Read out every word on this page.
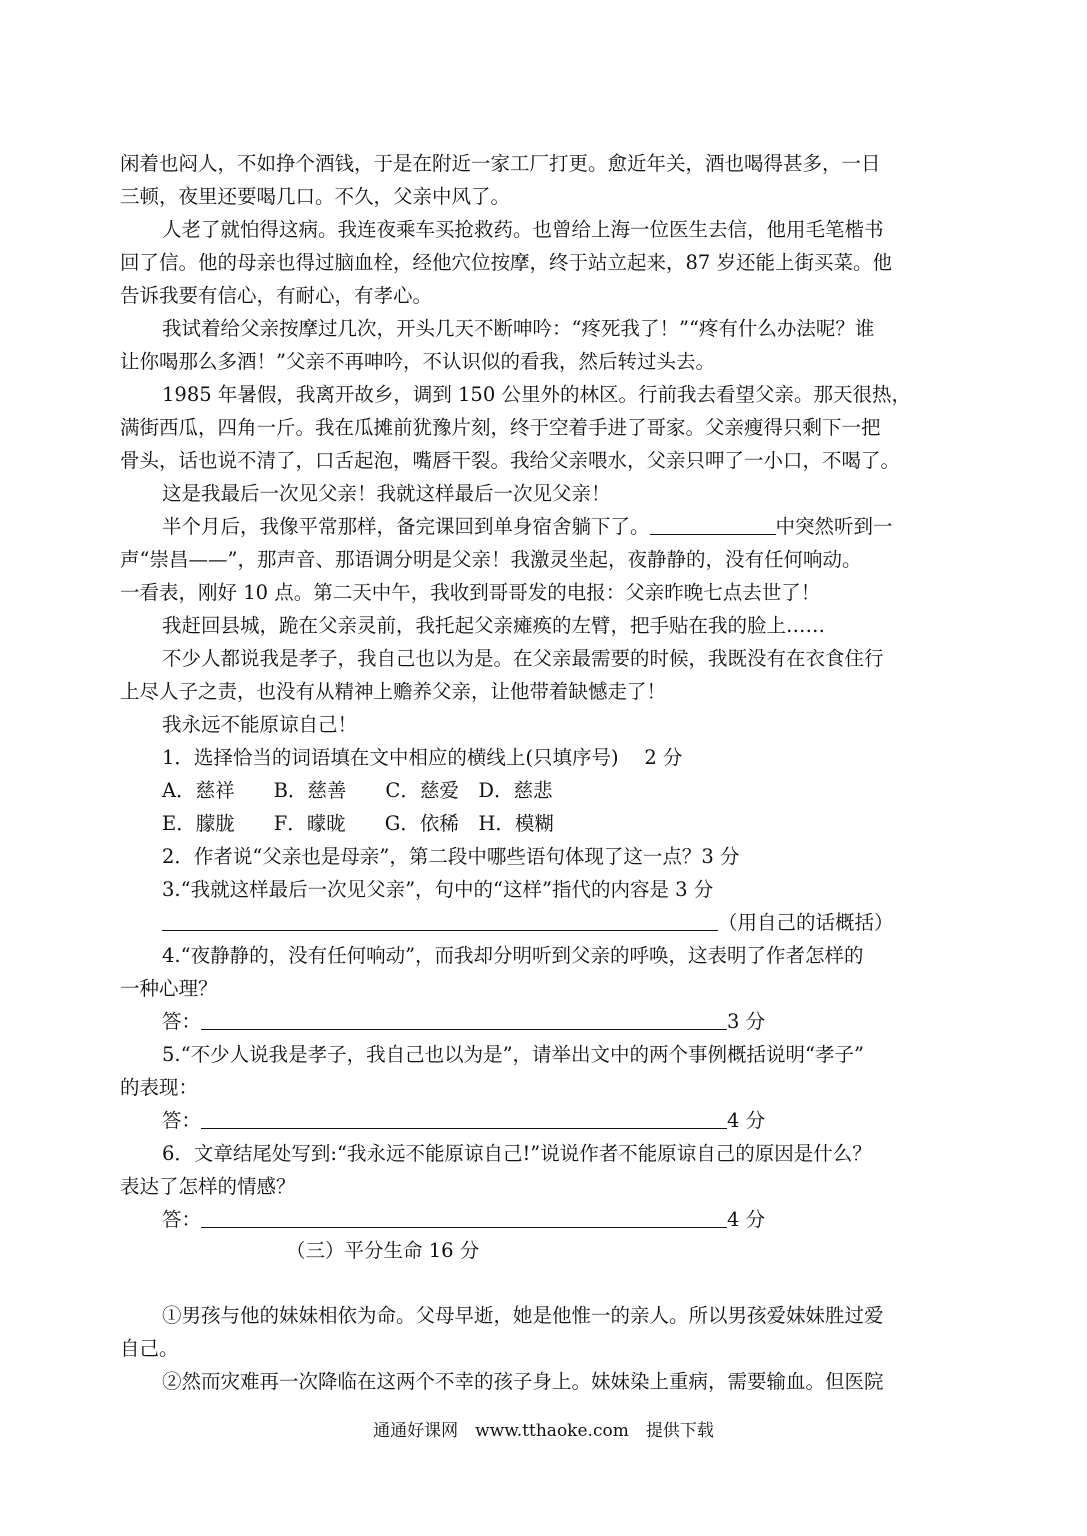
闲着也闷人，不如挣个酒钱，于是在附近一家工厂打更。愈近年关，酒也喝得甚多，一日
三顿，夜里还要喝几口。不久，父亲中风了。
人老了就怕得这病。我连夜乘车买抢救药。也曾给上海一位医生去信，他用毛笔楷书
回了信。他的母亲也得过脑血栓，经他穴位按摩，终于站立起来，87 岁还能上街买菜。他
告诉我要有信心，有耐心，有孝心。
我试着给父亲按摩过几次，开头几天不断呻吟：“疼死我了！”“疼有什么办法呢？谁
让你喝那么多酒！”父亲不再呻吟，不认识似的看我，然后转过头去。
1985 年暑假，我离开故乡，调到 150 公里外的林区。行前我去看望父亲。那天很热，
满街西瓜，四角一斤。我在瓜摊前犹豫片刻，终于空着手进了哥家。父亲瘦得只剩下一把
骨头，话也说不清了，口舌起泡，嘴唇干裂。我给父亲喂水，父亲只呷了一小口，不喝了。
这是我最后一次见父亲！我就这样最后一次见父亲！
半个月后，我像平常那样，备完课回到单身宿舍躺下了。	中突然听到一
声“崇昌——”，那声音、那语调分明是父亲！我激灵坐起，夜静静的，没有任何响动。
一看表，刚好 10 点。第二天中午，我收到哥哥发的电报：父亲昨晚七点去世了！
我赶回县城，跪在父亲灵前，我托起父亲瘫痪的左臂，把手贴在我的脸上……
不少人都说我是孝子，我自己也以为是。在父亲最需要的时候，我既没有在衣食住行
上尽人子之责，也没有从精神上赡养父亲，让他带着缺憾走了！
我永远不能原谅自己！
1．选择恰当的词语填在文中相应的横线上(只填序号)　 2 分
A．慈祥　　B．慈善　　C．慈爱　D．慈悲
E．朦胧　　F．曚昽　　G．依稀　H．模糊
2．作者说“父亲也是母亲”，第二段中哪些语句体现了这一点？3 分
3.“我就这样最后一次见父亲”，句中的“这样”指代的内容是 3 分
（用自己的话概括）
4.“夜静静的，没有任何响动”，而我却分明听到父亲的呼唤，这表明了作者怎样的
一种心理？
答：	3 分
5.“不少人说我是孝子，我自己也以为是”，请举出文中的两个事例概括说明“孝子”
的表现：
答：	4 分
6．文章结尾处写到:“我永远不能原谅自己!”说说作者不能原谅自己的原因是什么？
表达了怎样的情感？
答：	4 分
（三）平分生命 16 分
①男孩与他的妹妹相依为命。父母早逝，她是他惟一的亲人。所以男孩爱妹妹胜过爱
自己。
②然而灾难再一次降临在这两个不幸的孩子身上。妹妹染上重病，需要输血。但医院
通通好课网　www.tthaoke.com　提供下载
